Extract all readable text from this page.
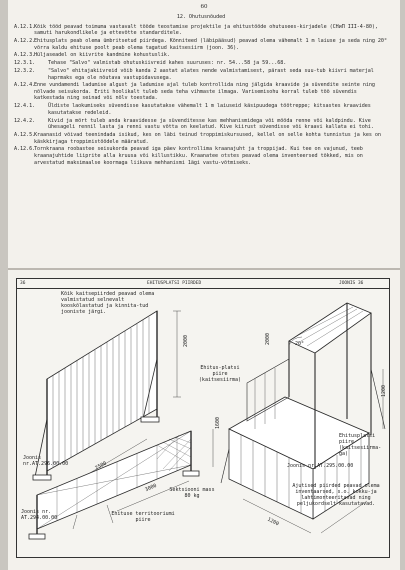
60
12. Ohutusnõuded
A.12.1.
Kõik tööd peavad toimuma vastavalt tööde teostamise projektile ja ehitustööde ohutusees-kirjadele (СНиП III-4-80), samuti harukondlikele ja ettevõtte standarditele.
A.12.2.
Ehitusplats peab olema ümbritsetud piirdega. Kõnniteed (läbipääsud) peavad olema vähemalt 1 m laiuse ja seda ning 20° võrra kaldu ehituse poolt peab olema tagatud kaitsesiirm (joon. 36).
A.12.3.
Hüljaseadel on kiivrite kandmine kohustuslik.
12.3.1.	Tehase "Salvo" valmistab ohutuskiivreid kahes suuruses: nr. 54...58 ja 59...68.
12.3.2.	"Salvo" ehitajakiivreid võib kanda 2 aastat alates nende valmistamisest, pärast seda suu-tub kiivri materjal haprmaks ega ole nõutava vastupidavusega.
A.12.4.
Enne vundamendi ladumise algust ja ladumise ajal tuleb kontrollida ning jälgida kraavide ja süvendite seinte ning nõlvade seisukorda. Eriti hoolikalt tuleb seda teha vihmaste ilmaga. Varisemisohu korral tuleb töö süvendis katkestada ning seinad või nõlv toestada.
12.4.1.	Üldiste laokumiseks süvendisse kasutatakse vähemalt 1 m laiuseid käsipuudega töötreppe; kitsastes kraavides kasutatakse redeleid.
12.4.2.	Kivid ja mört tuleb anda kraavidesse ja süvenditesse kas mehhanismidega või mööda renne või kaldpindu. Kive ühesageli rennil lasta ja renni vastu võtta on keelatud. Kive kiirust süvendisse või kraavi kallata ei tohi.
A.12.5.
Kraanasid võivad teenindada isikud, kes on läbi teinud troppimiskursused, kellel on selle kohta tunnistus ja kes on käskkirjaga troppimistöödele määratud.
A.12.6.
Tornkraana roobastee seisukorda peavad iga päev kontrollima kraanajuht ja troppijad. Kui tee on vajunud, teeb kraanajuhtide liiprite alla kruusa või killustikku. Kraanatee otstes peavad olema inventeersed tõkked, mis on arvestatud maksimaalse koormaga liikuva mehhanismi 1ägi vastu-võtmiseks.
36	EHITUSPLATSI PIIRDED	JOONIS 36
Kõik kaitsepiirded peavad olema valmistatud selnevalt kooskõlastatud ja kinnita-tud jooniste järgi.
2000
Ehitus-platsi piire (kaitsesiirma)
2500
1600
Joonis nr.AT.296.00.00
3000	Sektsiooni mass 80 kg
Joonis nr. AT.294.00.00
Ehituse territooriumi piire
20°
2000
1200
1200
Ehitusplatsi piire (kaitsesiirma-ga)
Joonis nr.AT.295.00.00
Ajutised piirded peavad olema inventaarsed, s.o. kokku-ja lahtimonteeritavad ning peljukordselt kasutatavad.
